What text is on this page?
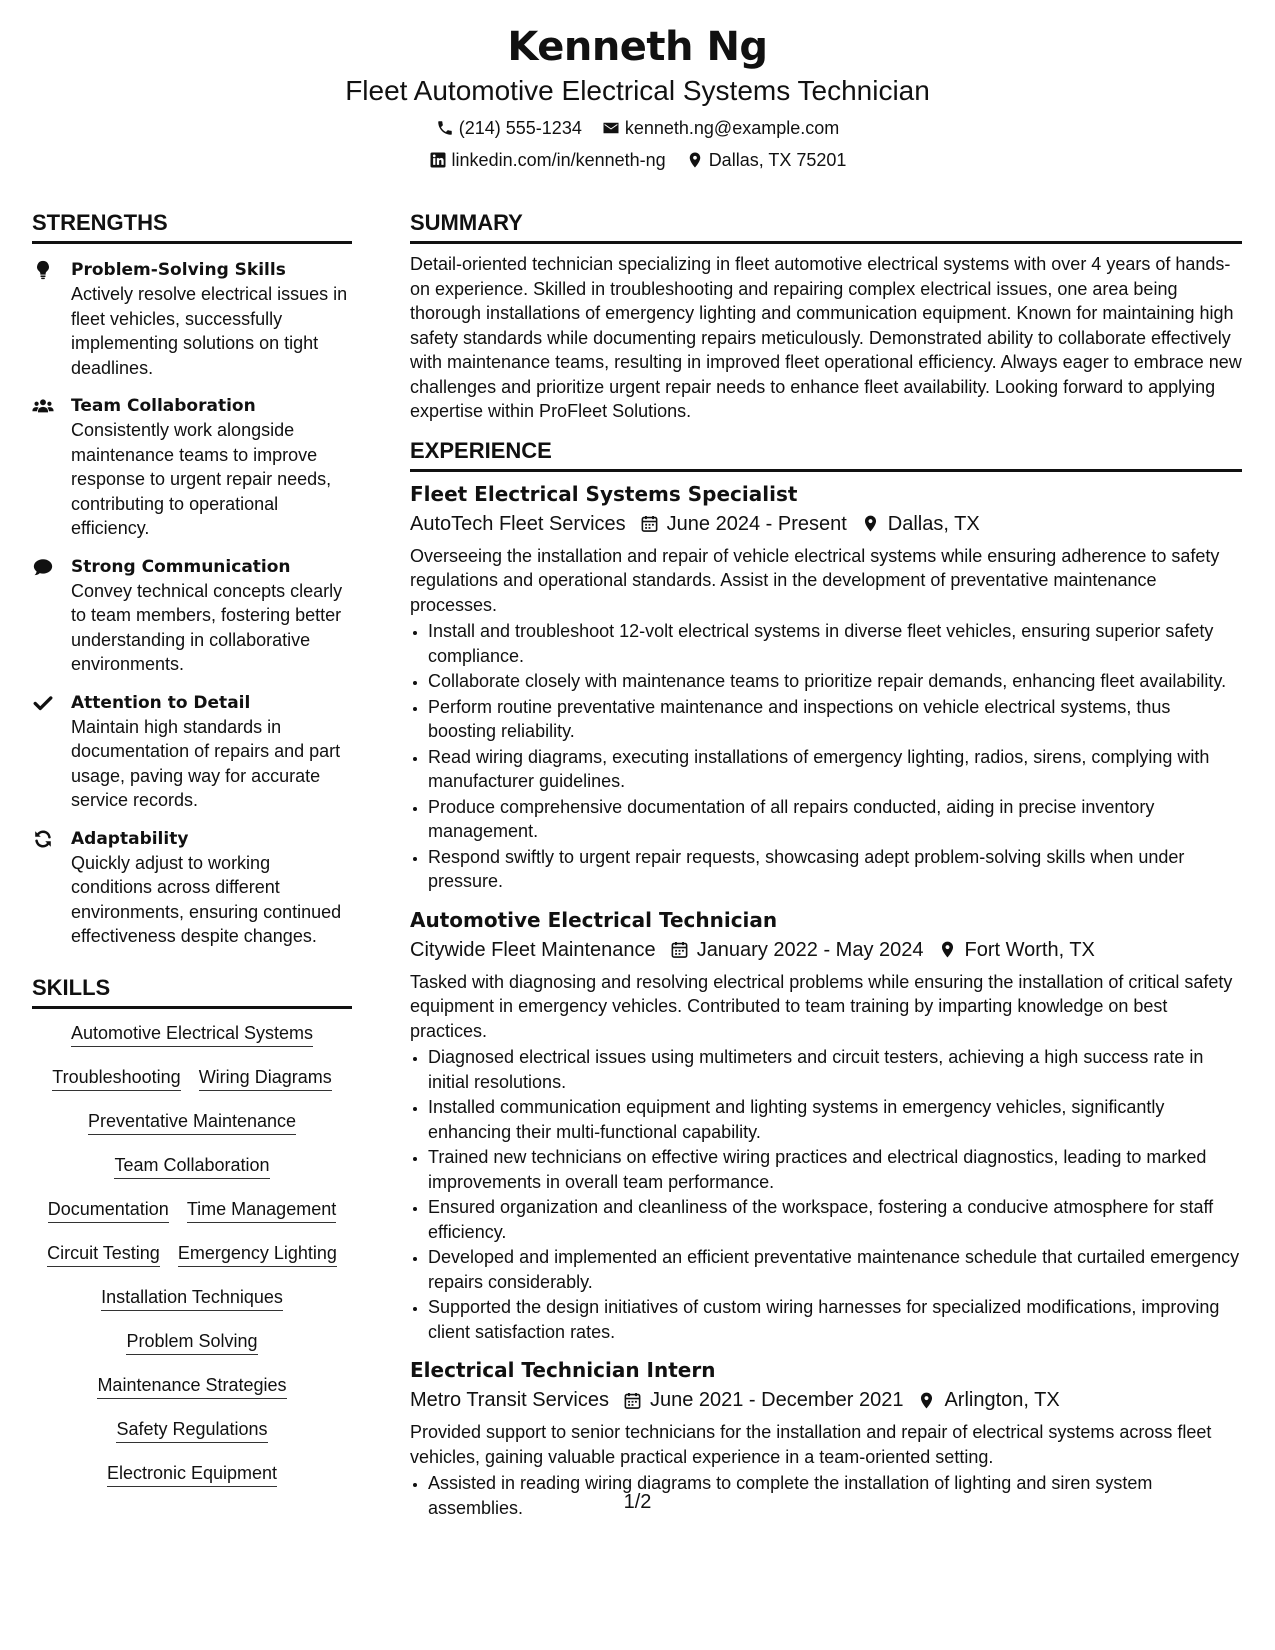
Kenneth Ng
Fleet Automotive Electrical Systems Technician
(214) 555-1234 kenneth.ng@example.com
linkedin.com/in/kenneth-ng Dallas, TX 75201
STRENGTHS
Problem-Solving Skills
Actively resolve electrical issues in fleet vehicles, successfully implementing solutions on tight deadlines.
Team Collaboration
Consistently work alongside maintenance teams to improve response to urgent repair needs, contributing to operational efficiency.
Strong Communication
Convey technical concepts clearly to team members, fostering better understanding in collaborative environments.
Attention to Detail
Maintain high standards in documentation of repairs and part usage, paving way for accurate service records.
Adaptability
Quickly adjust to working conditions across different environments, ensuring continued effectiveness despite changes.
SKILLS
Automotive Electrical Systems
Troubleshooting Wiring Diagrams
Preventative Maintenance
Team Collaboration
Documentation Time Management
Circuit Testing Emergency Lighting
Installation Techniques
Problem Solving
Maintenance Strategies
Safety Regulations
Electronic Equipment
SUMMARY
Detail-oriented technician specializing in fleet automotive electrical systems with over 4 years of hands-on experience. Skilled in troubleshooting and repairing complex electrical issues, one area being thorough installations of emergency lighting and communication equipment. Known for maintaining high safety standards while documenting repairs meticulously. Demonstrated ability to collaborate effectively with maintenance teams, resulting in improved fleet operational efficiency. Always eager to embrace new challenges and prioritize urgent repair needs to enhance fleet availability. Looking forward to applying expertise within ProFleet Solutions.
EXPERIENCE
Fleet Electrical Systems Specialist
AutoTech Fleet Services June 2024 - Present Dallas, TX
Overseeing the installation and repair of vehicle electrical systems while ensuring adherence to safety regulations and operational standards. Assist in the development of preventative maintenance processes.
• Install and troubleshoot 12-volt electrical systems in diverse fleet vehicles, ensuring superior safety compliance.
• Collaborate closely with maintenance teams to prioritize repair demands, enhancing fleet availability.
• Perform routine preventative maintenance and inspections on vehicle electrical systems, thus boosting reliability.
• Read wiring diagrams, executing installations of emergency lighting, radios, sirens, complying with manufacturer guidelines.
• Produce comprehensive documentation of all repairs conducted, aiding in precise inventory management.
• Respond swiftly to urgent repair requests, showcasing adept problem-solving skills when under pressure.
Automotive Electrical Technician
Citywide Fleet Maintenance January 2022 - May 2024 Fort Worth, TX
Tasked with diagnosing and resolving electrical problems while ensuring the installation of critical safety equipment in emergency vehicles. Contributed to team training by imparting knowledge on best practices.
• Diagnosed electrical issues using multimeters and circuit testers, achieving a high success rate in initial resolutions.
• Installed communication equipment and lighting systems in emergency vehicles, significantly enhancing their multi-functional capability.
• Trained new technicians on effective wiring practices and electrical diagnostics, leading to marked improvements in overall team performance.
• Ensured organization and cleanliness of the workspace, fostering a conducive atmosphere for staff efficiency.
• Developed and implemented an efficient preventative maintenance schedule that curtailed emergency repairs considerably.
• Supported the design initiatives of custom wiring harnesses for specialized modifications, improving client satisfaction rates.
Electrical Technician Intern
Metro Transit Services June 2021 - December 2021 Arlington, TX
Provided support to senior technicians for the installation and repair of electrical systems across fleet vehicles, gaining valuable practical experience in a team-oriented setting.
• Assisted in reading wiring diagrams to complete the installation of lighting and siren system assemblies.	1/2
